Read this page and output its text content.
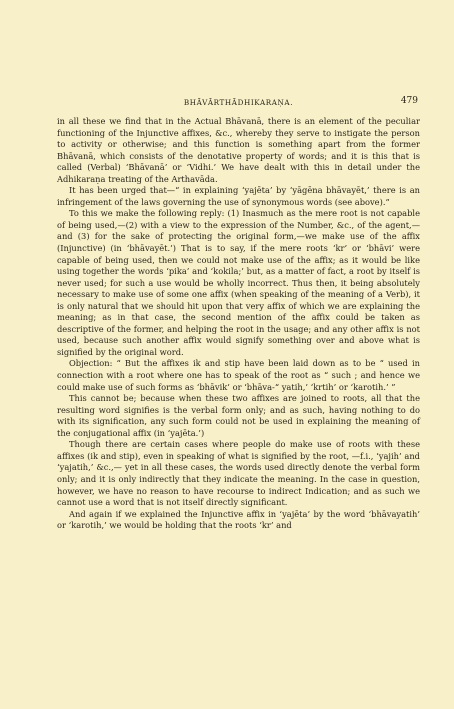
BHĀVĀRTHĀDHIKARAṆA.	479

in all these we find that in the Actual Bhāvanā, there is an element of the peculiar functioning of the Injunctive affixes, &c., whereby they serve to instigate the person to activity or otherwise; and this function is something apart from the former Bhāvanā, which consists of the denotative property of words; and it is this that is called (Verbal) ‘Bhāvanā’ or ‘Vidhi.’ We have dealt with this in detail under the Adhikaraṇa treating of the Arthavāda.

It has been urged that—“ in explaining ‘yajēta’ by ‘yāgēna bhāvayēt,’ there is an infringement of the laws governing the use of synonymous words (see above).”

To this we make the following reply: (1) Inasmuch as the mere root is not capable of being used,—(2) with a view to the expression of the Number, &c., of the agent,—and (3) for the sake of protecting the original form,—we make use of the affix (Injunctive) (in ‘bhāvayēt.’) That is to say, if the mere roots ‘kr’ or ‘bhāvi’ were capable of being used, then we could not make use of the affix; as it would be like using together the words ‘pika’ and ‘kokila;’ but, as a matter of fact, a root by itself is never used; for such a use would be wholly incorrect. Thus then, it being absolutely necessary to make use of some one affix (when speaking of the meaning of a Verb), it is only natural that we should hit upon that very affix of which we are explaining the meaning; as in that case, the second mention of the affix could be taken as descriptive of the former, and helping the root in the usage; and any other affix is not used, because such another affix would signify something over and above what is signified by the original word.

Objection: “ But the affixes ik and stip have been laid down as to be “ used in connection with a root where one has to speak of the root as “ such ; and hence we could make use of such forms as ‘bhāvik’ or ‘bhāva-“ yatih,’ ‘krtih’ or ‘karotih.’ ”

This cannot be; because when these two affixes are joined to roots, all that the resulting word signifies is the verbal form only; and as such, having nothing to do with its signification, any such form could not be used in explaining the meaning of the conjugational affix (in ‘yajēta.’)

Though there are certain cases where people do make use of roots with these affixes (ik and stip), even in speaking of what is signified by the root, —f.i., ‘yajih’ and ‘yajatih,’ &c.,— yet in all these cases, the words used directly denote the verbal form only; and it is only indirectly that they indicate the meaning. In the case in question, however, we have no reason to have recourse to indirect Indication; and as such we cannot use a word that is not itself directly significant.

And again if we explained the Injunctive affix in ‘yajēta’ by the word ‘bhāvayatih’ or ‘karotih,’ we would be holding that the roots ‘kr’ and
